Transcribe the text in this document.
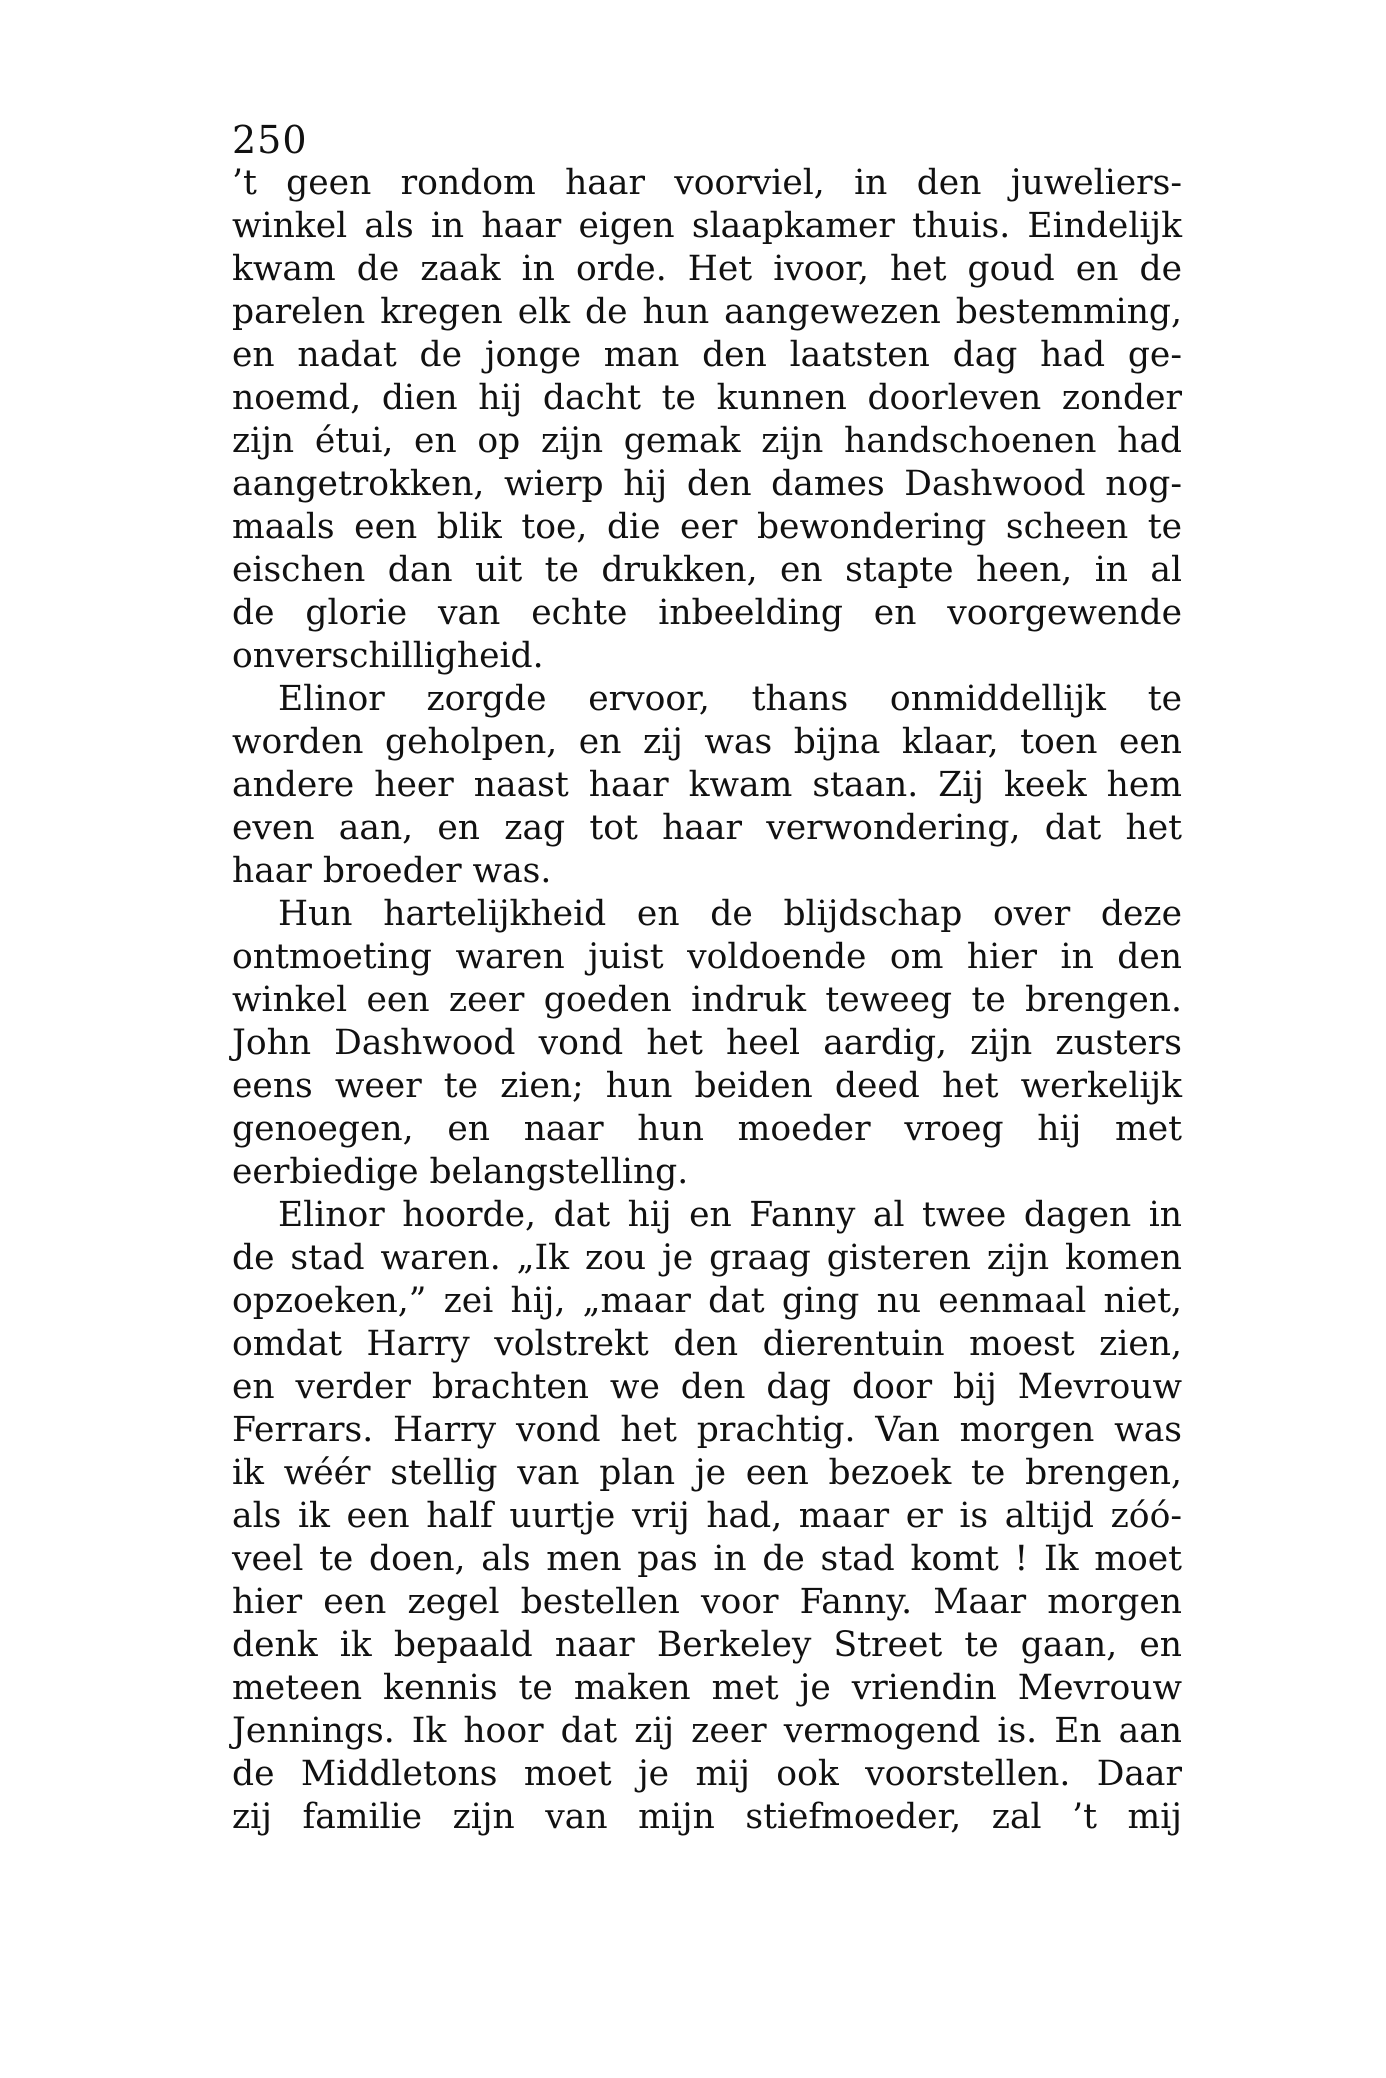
250
’t geen rondom haar voorviel, in den juweliers-
winkel als in haar eigen slaapkamer thuis. Eindelijk
kwam de zaak in orde. Het ivoor, het goud en de
parelen kregen elk de hun aangewezen bestemming,
en nadat de jonge man den laatsten dag had ge-
noemd, dien hij dacht te kunnen doorleven zonder
zijn étui, en op zijn gemak zijn handschoenen had
aangetrokken, wierp hij den dames Dashwood nog-
maals een blik toe, die eer bewondering scheen te
eischen dan uit te drukken, en stapte heen, in al
de glorie van echte inbeelding en voorgewende
onverschilligheid.
Elinor zorgde ervoor, thans onmiddellijk te
worden geholpen, en zij was bijna klaar, toen een
andere heer naast haar kwam staan. Zij keek hem
even aan, en zag tot haar verwondering, dat het
haar broeder was.
Hun hartelijkheid en de blijdschap over deze
ontmoeting waren juist voldoende om hier in den
winkel een zeer goeden indruk teweeg te brengen.
John Dashwood vond het heel aardig, zijn zusters
eens weer te zien; hun beiden deed het werkelijk
genoegen, en naar hun moeder vroeg hij met
eerbiedige belangstelling.
Elinor hoorde, dat hij en Fanny al twee dagen in
de stad waren. „Ik zou je graag gisteren zijn komen
opzoeken,” zei hij, „maar dat ging nu eenmaal niet,
omdat Harry volstrekt den dierentuin moest zien,
en verder brachten we den dag door bij Mevrouw
Ferrars. Harry vond het prachtig. Van morgen was
ik wéér stellig van plan je een bezoek te brengen,
als ik een half uurtje vrij had, maar er is altijd zóó-
veel te doen, als men pas in de stad komt ! Ik moet
hier een zegel bestellen voor Fanny. Maar morgen
denk ik bepaald naar Berkeley Street te gaan, en
meteen kennis te maken met je vriendin Mevrouw
Jennings. Ik hoor dat zij zeer vermogend is. En aan
de Middletons moet je mij ook voorstellen. Daar
zij familie zijn van mijn stiefmoeder, zal ’t mij
